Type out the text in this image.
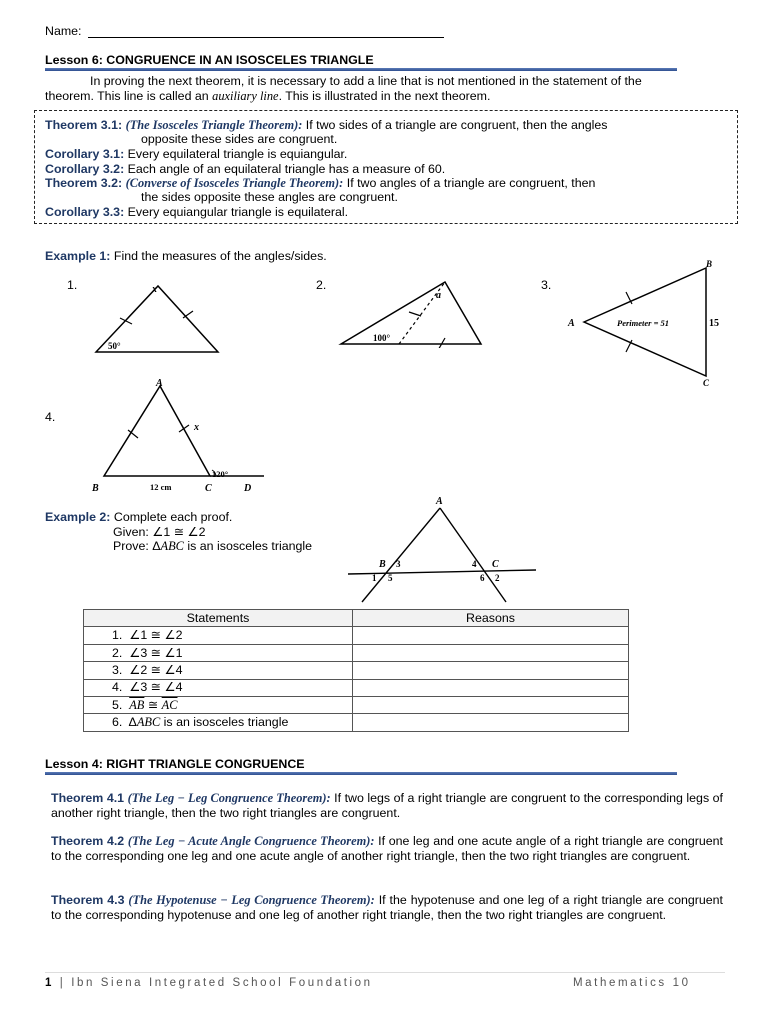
Name:
Lesson 6: CONGRUENCE IN AN ISOSCELES TRIANGLE
In proving the next theorem, it is necessary to add a line that is not mentioned in the statement of the
theorem. This line is called an auxiliary line. This is illustrated in the next theorem.
Theorem 3.1: (The Isosceles Triangle Theorem): If two sides of a triangle are congruent, then the angles
opposite these sides are congruent.
Corollary 3.1: Every equilateral triangle is equiangular.
Corollary 3.2: Each angle of an equilateral triangle has a measure of 60.
Theorem 3.2: (Converse of Isosceles Triangle Theorem): If two angles of a triangle are congruent, then
the sides opposite these angles are congruent.
Corollary 3.3: Every equiangular triangle is equilateral.
Example 1: Find the measures of the angles/sides.
1.	2.	3.
4.
x
50°
a
100°
A
B
C
Perimeter = 51	15
A
B	C	D
x
12 cm
120°
Example 2: Complete each proof.
Given: ∠1 ≅ ∠2
Prove: ΔABC is an isosceles triangle
A
B	C
3	4
1 5	6 2
Statements	Reasons
1. ∠1 ≅ ∠2	
2. ∠3 ≅ ∠1	
3. ∠2 ≅ ∠4	
4. ∠3 ≅ ∠4	
5. $\overline{AB}$ ≅ $\overline{AC}$	
6. ΔABC is an isosceles triangle	
Lesson 4: RIGHT TRIANGLE CONGRUENCE
Theorem 4.1 (The Leg − Leg Congruence Theorem): If two legs of a right triangle are congruent to the corresponding legs of another right triangle, then the two right triangles are congruent.
Theorem 4.2 (The Leg − Acute Angle Congruence Theorem): If one leg and one acute angle of a right triangle are congruent to the corresponding one leg and one acute angle of another right triangle, then the two right triangles are congruent.
Theorem 4.3 (The Hypotenuse − Leg Congruence Theorem): If the hypotenuse and one leg of a right triangle are congruent to the corresponding hypotenuse and one leg of another right triangle, then the two right triangles are congruent.
1 | Ibn Siena Integrated School Foundation	Mathematics 10
